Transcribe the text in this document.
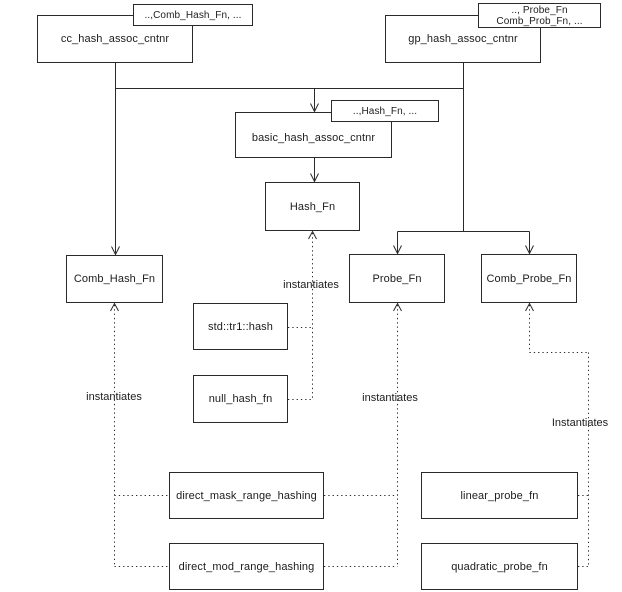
cc_hash_assoc_cntnr
..,Comb_Hash_Fn, ...
gp_hash_assoc_cntnr
.., Probe_Fn
Comb_Prob_Fn, ...
basic_hash_assoc_cntnr
..,Hash_Fn, ...
Hash_Fn
Comb_Hash_Fn	Probe_Fn	Comb_Probe_Fn
std::tr1::hash
null_hash_fn
direct_mask_range_hashing
direct_mod_range_hashing
linear_probe_fn
quadratic_probe_fn
instantiates
instantiates
instantiates
Instantiates
